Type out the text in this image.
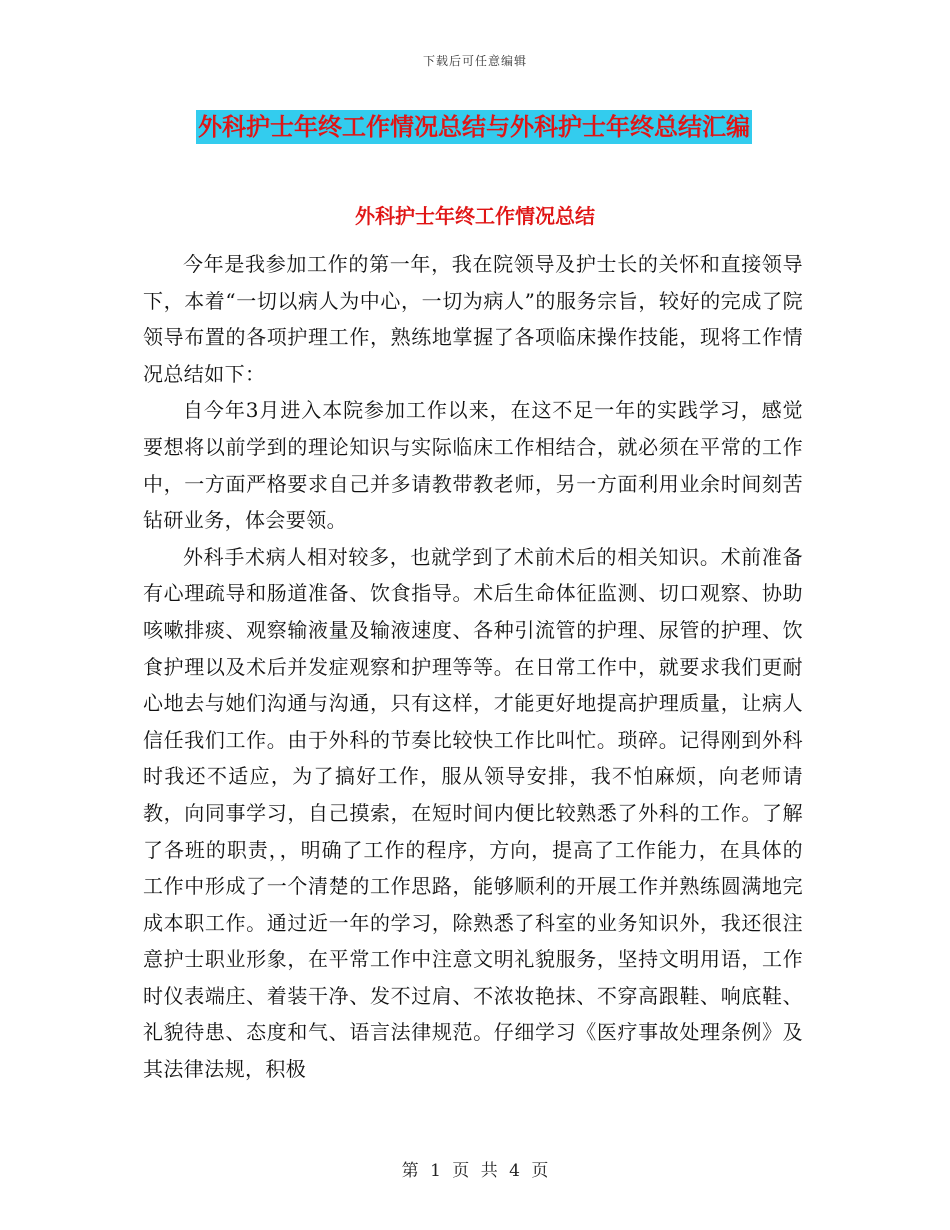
下载后可任意编辑
外科护士年终工作情况总结与外科护士年终总结汇编
外科护士年终工作情况总结

今年是我参加工作的第一年，我在院领导及护士长的关怀和直接领导下，本着“一切以病人为中心，一切为病人”的服务宗旨，较好的完成了院领导布置的各项护理工作，熟练地掌握了各项临床操作技能，现将工作情况总结如下：

自今年3月进入本院参加工作以来，在这不足一年的实践学习，感觉要想将以前学到的理论知识与实际临床工作相结合，就必须在平常的工作中，一方面严格要求自己并多请教带教老师，另一方面利用业余时间刻苦钻研业务，体会要领。

外科手术病人相对较多，也就学到了术前术后的相关知识。术前准备有心理疏导和肠道准备、饮食指导。术后生命体征监测、切口观察、协助咳嗽排痰、观察输液量及输液速度、各种引流管的护理、尿管的护理、饮食护理以及术后并发症观察和护理等等。在日常工作中，就要求我们更耐心地去与她们沟通与沟通，只有这样，才能更好地提高护理质量，让病人信任我们工作。由于外科的节奏比较快工作比叫忙。琐碎。记得刚到外科时我还不适应，为了搞好工作，服从领导安排，我不怕麻烦，向老师请教，向同事学习，自己摸索，在短时间内便比较熟悉了外科的工作。了解了各班的职责，，明确了工作的程序，方向，提高了工作能力，在具体的工作中形成了一个清楚的工作思路，能够顺利的开展工作并熟练圆满地完成本职工作。通过近一年的学习，除熟悉了科室的业务知识外，我还很注意护士职业形象，在平常工作中注意文明礼貌服务，坚持文明用语，工作时仪表端庄、着装干净、发不过肩、不浓妆艳抹、不穿高跟鞋、响底鞋、礼貌待患、态度和气、语言法律规范。仔细学习《医疗事故处理条例》及其法律法规，积极

第 1 页 共 4 页
